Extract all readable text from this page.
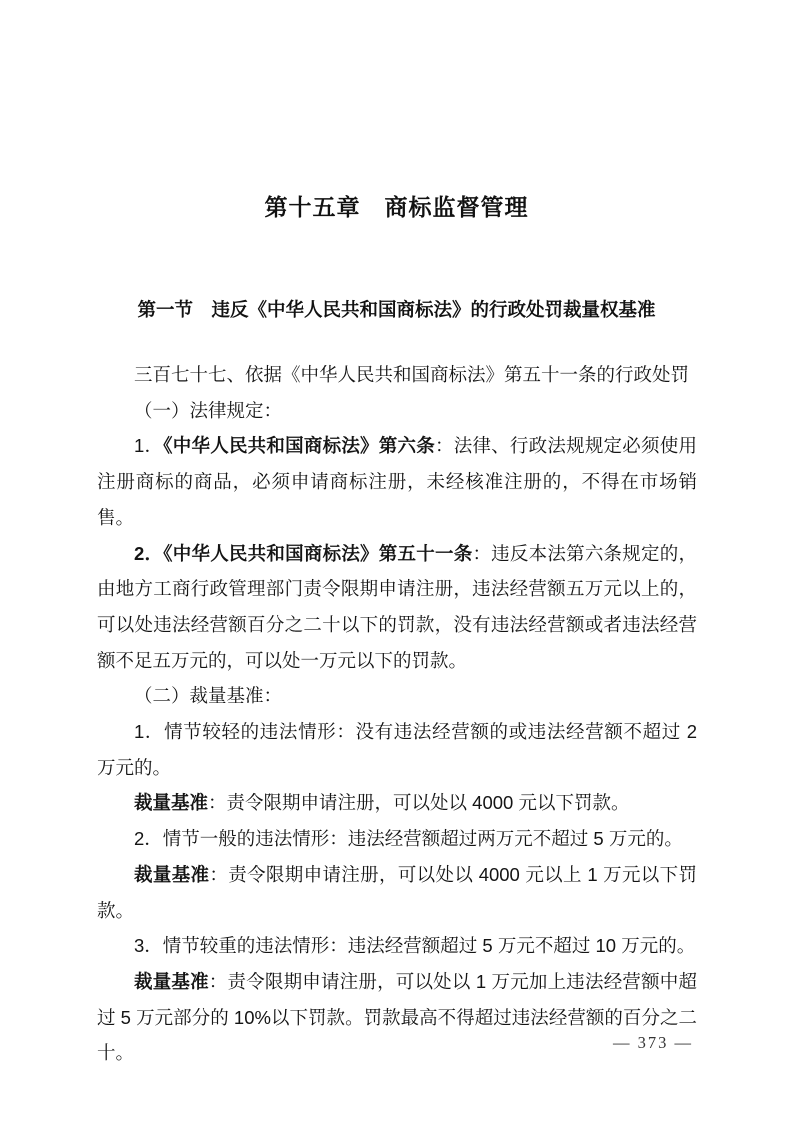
第十五章　商标监督管理
第一节　违反《中华人民共和国商标法》的行政处罚裁量权基准

三百七十七、依据《中华人民共和国商标法》第五十一条的行政处罚

（一）法律规定：

1．《中华人民共和国商标法》第六条：法律、行政法规规定必须使用注册商标的商品，必须申请商标注册，未经核准注册的，不得在市场销售。

2．《中华人民共和国商标法》第五十一条：违反本法第六条规定的，由地方工商行政管理部门责令限期申请注册，违法经营额五万元以上的，可以处违法经营额百分之二十以下的罚款，没有违法经营额或者违法经营额不足五万元的，可以处一万元以下的罚款。

（二）裁量基准：

1．情节较轻的违法情形：没有违法经营额的或违法经营额不超过 2 万元的。

裁量基准：责令限期申请注册，可以处以 4000 元以下罚款。

2．情节一般的违法情形：违法经营额超过两万元不超过 5 万元的。

裁量基准：责令限期申请注册，可以处以 4000 元以上 1 万元以下罚款。

3．情节较重的违法情形：违法经营额超过 5 万元不超过 10 万元的。

裁量基准：责令限期申请注册，可以处以 1 万元加上违法经营额中超过 5 万元部分的 10%以下罚款。罚款最高不得超过违法经营额的百分之二十。	— 373 —
